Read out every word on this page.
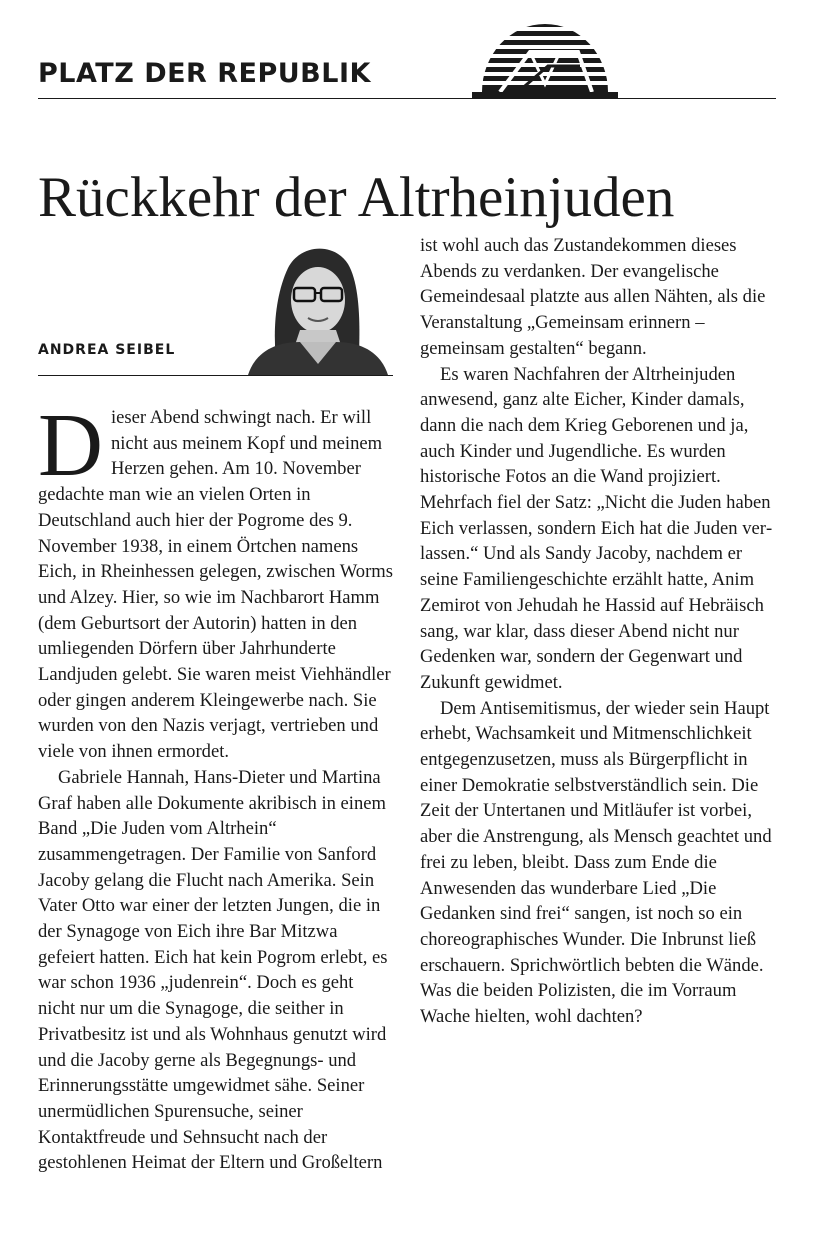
PLATZ DER REPUBLIK
Rückkehr der Altrheinjuden
ANDREA SEIBEL

Dieser Abend schwingt nach. Er will nicht aus meinem Kopf und meinem Herzen gehen. Am 10. November gedachte man wie an vielen Orten in Deutschland auch hier der Pogrome des 9. November 1938, in einem Örtchen namens Eich, in Rheinhessen gelegen, zwischen Worms und Alzey. Hier, so wie im Nachbarort Hamm (dem Geburtsort der Autorin) hatten in den umliegenden Dörfern über Jahrhunderte Landjuden gelebt. Sie waren meist Viehhändler oder gingen anderem Kleingewerbe nach. Sie wurden von den Nazis verjagt, vertrieben und viele von ihnen ermordet.

Gabriele Hannah, Hans-Dieter und Martina Graf haben alle Dokumente akribisch in einem Band „Die Juden vom Altrhein“ zusammengetragen. Der Familie von Sanford Jacoby gelang die Flucht nach Amerika. Sein Vater Otto war einer der letzten Jungen, die in der Synagoge von Eich ihre Bar Mitzwa gefeiert hatten. Eich hat kein Pogrom erlebt, es war schon 1936 „judenrein“. Doch es geht nicht nur um die Synagoge, die seither in Privatbesitz ist und als Wohnhaus genutzt wird und die Jacoby gerne als Begegnungs- und Erinnerungsstätte umgewidmet sähe. Seiner unermüdlichen Spurensuche, seiner Kontaktfreude und Sehnsucht nach der gestohlenen Heimat der Eltern und Großeltern

ist wohl auch das Zustandekommen dieses Abends zu verdanken. Der evangelische Gemeindesaal platzte aus allen Nähten, als die Veranstaltung „Gemeinsam erinnern – gemeinsam gestalten“ begann.

Es waren Nachfahren der Altrheinjuden anwesend, ganz alte Eicher, Kinder damals, dann die nach dem Krieg Geborenen und ja, auch Kinder und Jugendliche. Es wurden historische Fotos an die Wand projiziert. Mehrfach fiel der Satz: „Nicht die Juden haben Eich verlassen, sondern Eich hat die Juden verlassen.“ Und als Sandy Jacoby, nachdem er seine Familiengeschichte erzählt hatte, Anim Zemirot von Jehudah he Hassid auf Hebräisch sang, war klar, dass dieser Abend nicht nur Gedenken war, sondern der Gegenwart und Zukunft gewidmet.

Dem Antisemitismus, der wieder sein Haupt erhebt, Wachsamkeit und Mitmenschlichkeit entgegenzusetzen, muss als Bürgerpflicht in einer Demokratie selbstverständlich sein. Die Zeit der Untertanen und Mitläufer ist vorbei, aber die Anstrengung, als Mensch geachtet und frei zu leben, bleibt. Dass zum Ende die Anwesenden das wunderbare Lied „Die Gedanken sind frei“ sangen, ist noch so ein choreographisches Wunder. Die Inbrunst ließ erschauern. Sprichwörtlich bebten die Wände. Was die beiden Polizisten, die im Vorraum Wache hielten, wohl dachten?
